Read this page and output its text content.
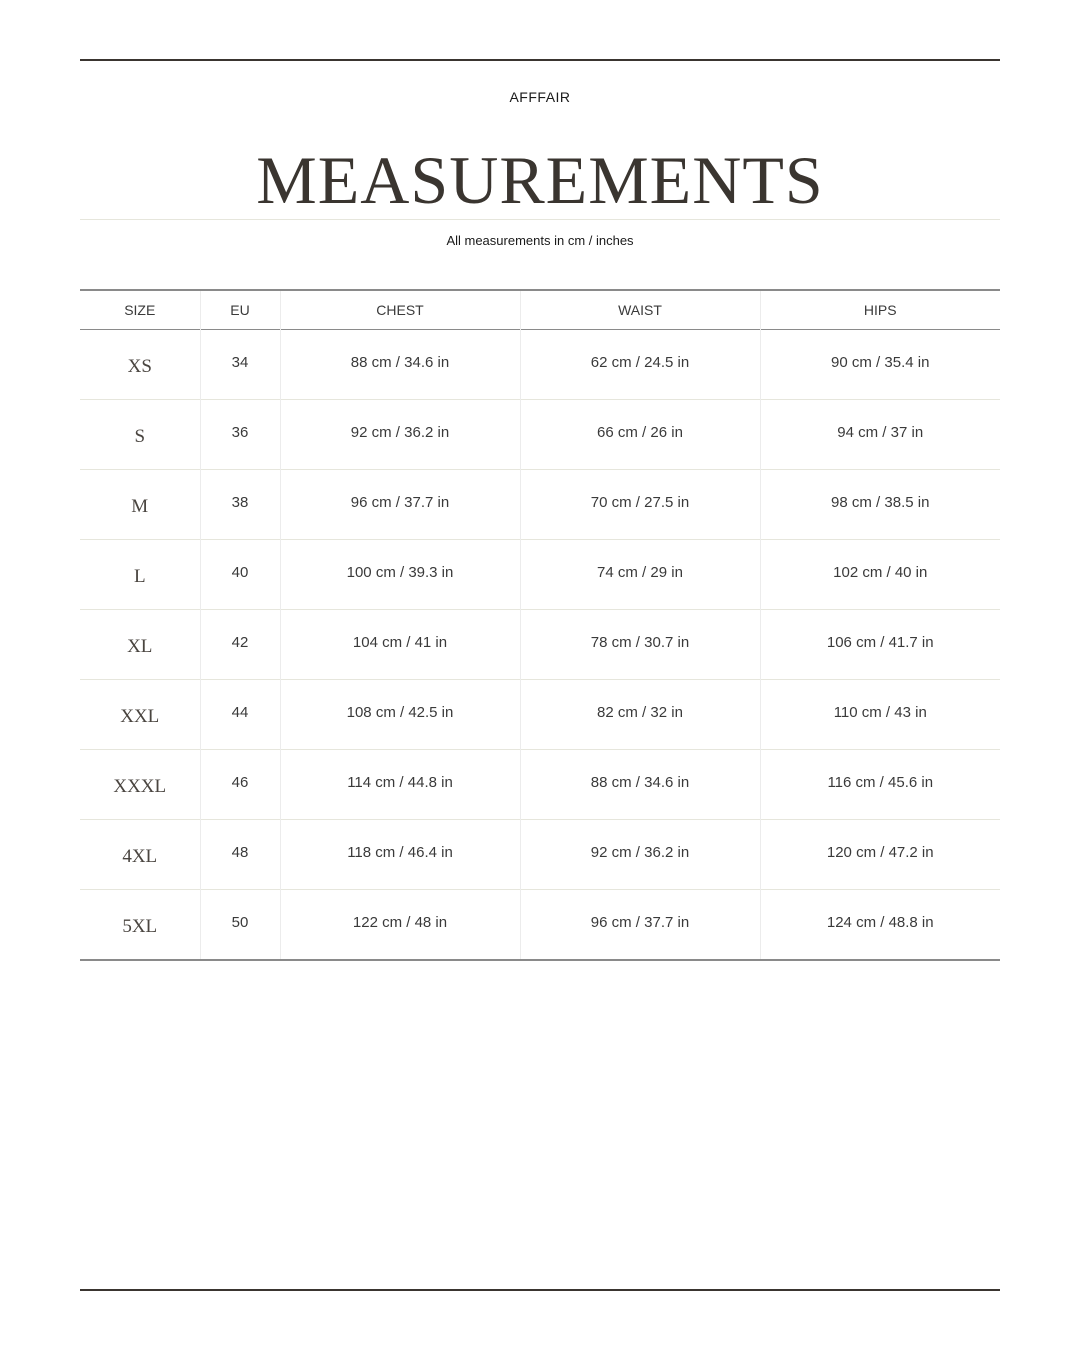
AFFFAIR
MEASUREMENTS
All measurements in cm / inches
SIZE	EU	CHEST	WAIST	HIPS
XS	34	88 cm / 34.6 in	62 cm / 24.5 in	90 cm / 35.4 in
S	36	92 cm / 36.2 in	66 cm / 26 in	94 cm / 37 in
M	38	96 cm / 37.7 in	70 cm / 27.5 in	98 cm / 38.5 in
L	40	100 cm / 39.3 in	74 cm / 29 in	102 cm / 40 in
XL	42	104 cm / 41 in	78 cm / 30.7 in	106 cm / 41.7 in
XXL	44	108 cm / 42.5 in	82 cm / 32 in	110 cm / 43 in
XXXL	46	114 cm / 44.8 in	88 cm / 34.6 in	116 cm / 45.6 in
4XL	48	118 cm / 46.4 in	92 cm / 36.2 in	120 cm / 47.2 in
5XL	50	122 cm / 48 in	96 cm / 37.7 in	124 cm / 48.8 in
